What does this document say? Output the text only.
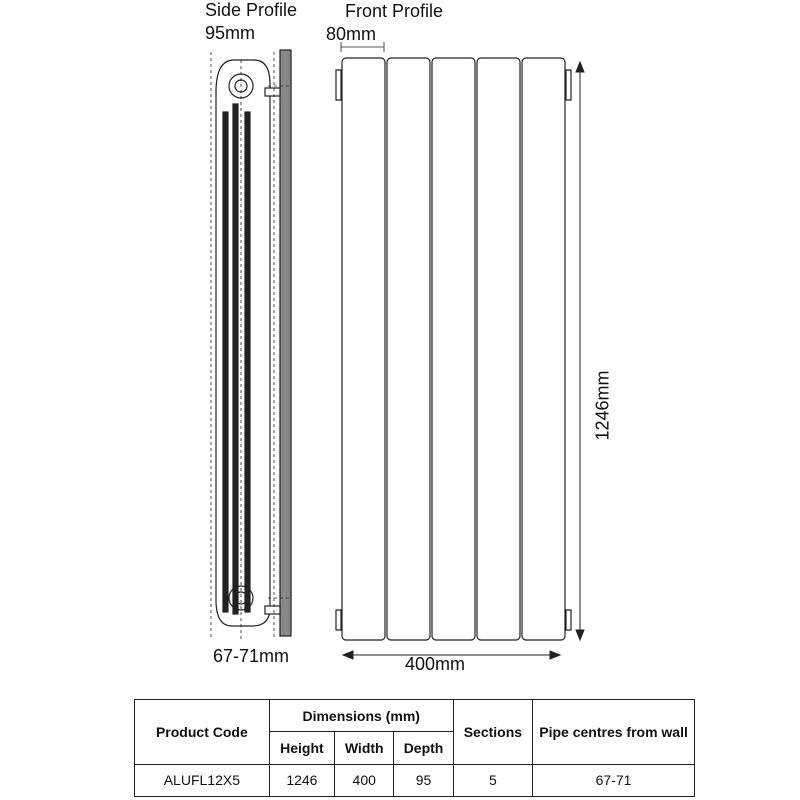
Side Profile	Front Profile
95mm	80mm
67-71mm	400mm
1246mm
Product Code	Dimensions (mm)			Sections	Pipe centres from wall
	Height	Width	Depth		
ALUFL12X5	1246	400	95	5	67-71
